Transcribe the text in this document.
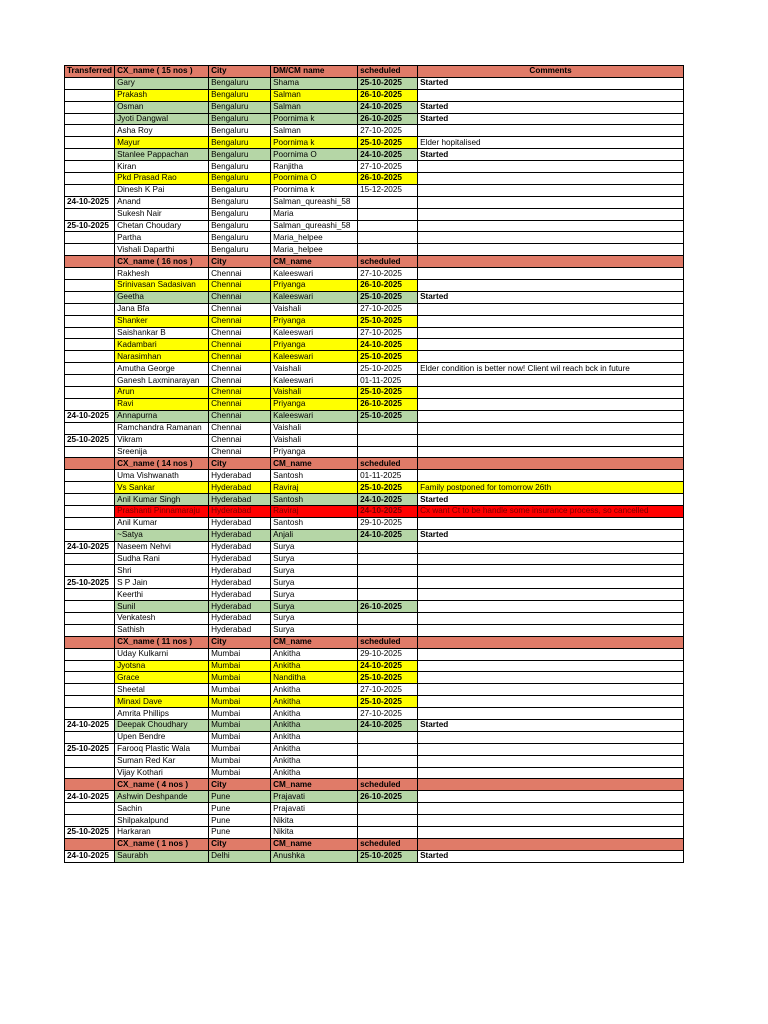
Transferred	CX_name ( 15 nos )	City	DM/CM name	scheduled	Comments
	Gary	Bengaluru	Shama	25-10-2025	Started
	Prakash	Bengaluru	Salman	26-10-2025	
	Osman	Bengaluru	Salman	24-10-2025	Started
	Jyoti Dangwal	Bengaluru	Poornima k	26-10-2025	Started
	Asha Roy	Bengaluru	Salman	27-10-2025	
	Mayur	Bengaluru	Poornima k	25-10-2025	Elder hopitalised
	Stanlee Pappachan	Bengaluru	Poornima O	24-10-2025	Started
	Kiran	Bengaluru	Ranjitha	27-10-2025	
	Pkd Prasad Rao	Bengaluru	Poornima O	26-10-2025	
	Dinesh K Pai	Bengaluru	Poornima k	15-12-2025	
24-10-2025	Anand	Bengaluru	Salman_qureashi_58		
	Sukesh Nair	Bengaluru	Maria		
25-10-2025	Chetan Choudary	Bengaluru	Salman_qureashi_58		
	Partha	Bengaluru	Maria_helpee		
	Vishali Daparthi	Bengaluru	Maria_helpee		
	CX_name ( 16 nos )	City	CM_name	scheduled	
	Rakhesh	Chennai	Kaleeswari	27-10-2025	
	Srinivasan Sadasivan	Chennai	Priyanga	26-10-2025	
	Geetha	Chennai	Kaleeswari	25-10-2025	Started
	Jana Bfa	Chennai	Vaishali	27-10-2025	
	Shanker	Chennai	Priyanga	25-10-2025	
	Saishankar B	Chennai	Kaleeswari	27-10-2025	
	Kadambari	Chennai	Priyanga	24-10-2025	
	Narasimhan	Chennai	Kaleeswari	25-10-2025	
	Amutha George	Chennai	Vaishali	25-10-2025	Elder condition is better now! Client wil reach bck in future
	Ganesh Laxminarayan	Chennai	Kaleeswari	01-11-2025	
	Arun	Chennai	Vaishali	25-10-2025	
	Ravi	Chennai	Priyanga	26-10-2025	
24-10-2025	Annapurna	Chennai	Kaleeswari	25-10-2025	
	Ramchandra Ramanan	Chennai	Vaishali		
25-10-2025	Vikram	Chennai	Vaishali		
	Sreenija	Chennai	Priyanga		
	CX_name ( 14 nos )	City	CM_name	scheduled	
	Uma Vishwanath	Hyderabad	Santosh	01-11-2025	
	Vs Sankar	Hyderabad	Raviraj	25-10-2025	Family postponed for tomorrow 26th
	Anil Kumar Singh	Hyderabad	Santosh	24-10-2025	Started
	Prashanti Pinnamaraju	Hyderabad	Raviraj	24-10-2025	Cx want Ct to be handle some insurance process, so cancelled
	Anil Kumar	Hyderabad	Santosh	29-10-2025	
	~Satya	Hyderabad	Anjali	24-10-2025	Started
24-10-2025	Naseem Nehvi	Hyderabad	Surya		
	Sudha Rani	Hyderabad	Surya		
	Shri	Hyderabad	Surya		
25-10-2025	S P Jain	Hyderabad	Surya		
	Keerthi	Hyderabad	Surya		
	Sunil	Hyderabad	Surya	26-10-2025	
	Venkatesh	Hyderabad	Surya		
	Sathish	Hyderabad	Surya		
	CX_name ( 11 nos )	City	CM_name	scheduled	
	Uday Kulkarni	Mumbai	Ankitha	29-10-2025	
	Jyotsna	Mumbai	Ankitha	24-10-2025	
	Grace	Mumbai	Nanditha	25-10-2025	
	Sheetal	Mumbai	Ankitha	27-10-2025	
	Minaxi Dave	Mumbai	Ankitha	25-10-2025	
	Amrita Phillips	Mumbai	Ankitha	27-10-2025	
24-10-2025	Deepak Choudhary	Mumbai	Ankitha	24-10-2025	Started
	Upen Bendre	Mumbai	Ankitha		
25-10-2025	Farooq Plastic Wala	Mumbai	Ankitha		
	Suman Red Kar	Mumbai	Ankitha		
	Vijay Kothari	Mumbai	Ankitha		
	CX_name ( 4 nos )	City	CM_name	scheduled	
24-10-2025	Ashwin Deshpande	Pune	Prajavati	26-10-2025	
	Sachin	Pune	Prajavati		
	Shilpakalpund	Pune	Nikita		
25-10-2025	Harkaran	Pune	Nikita		
	CX_name ( 1 nos )	City	CM_name	scheduled	
24-10-2025	Saurabh	Delhi	Anushka	25-10-2025	Started
